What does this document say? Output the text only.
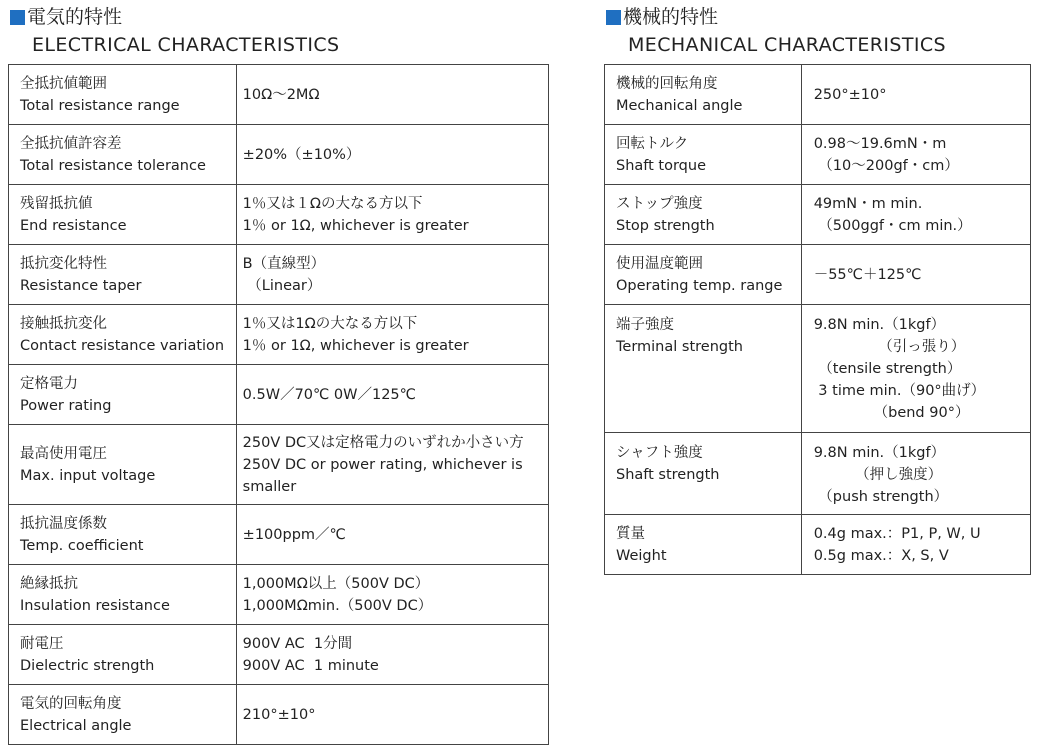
電気的特性
ELECTRICAL CHARACTERISTICS
全抵抗値範囲
Total resistance range	10Ω～2MΩ

全抵抗値許容差
Total resistance tolerance	±20%（±10%）

残留抵抗値
End resistance	1％又は１Ωの大なる方以下
1％ or 1Ω, whichever is greater

抵抗変化特性
Resistance taper	B（直線型）
（Linear）

接触抵抗変化
Contact resistance variation	1％又は1Ωの大なる方以下
1％ or 1Ω, whichever is greater

定格電力
Power rating	0.5W／70℃ 0W／125℃

最高使用電圧
Max. input voltage	250V DC又は定格電力のいずれか小さい方
250V DC or power rating, whichever is
smaller

抵抗温度係数
Temp. coefficient	±100ppm／℃

絶縁抵抗
Insulation resistance	1,000MΩ以上（500V DC）
1,000MΩmin.（500V DC）

耐電圧
Dielectric strength	900V AC  1分間
900V AC  1 minute

電気的回転角度
Electrical angle	210°±10°
機械的特性
MECHANICAL CHARACTERISTICS
機械的回転角度
Mechanical angle	250°±10°

回転トルク
Shaft torque	0.98～19.6mN・m
（10～200gf・cm）

ストップ強度
Stop strength	49mN・m min.
（500ggf・cm min.）

使用温度範囲
Operating temp. range	－55℃＋125℃

端子強度
Terminal strength	9.8N min.（1kgf）
（引っ張り）
（tensile strength）
3 time min.（90°曲げ）
（bend 90°）

シャフト強度
Shaft strength	9.8N min.（1kgf）
（押し強度）
（push strength）

質量
Weight	0.4g max.：P1, P, W, U
0.5g max.：X, S, V
